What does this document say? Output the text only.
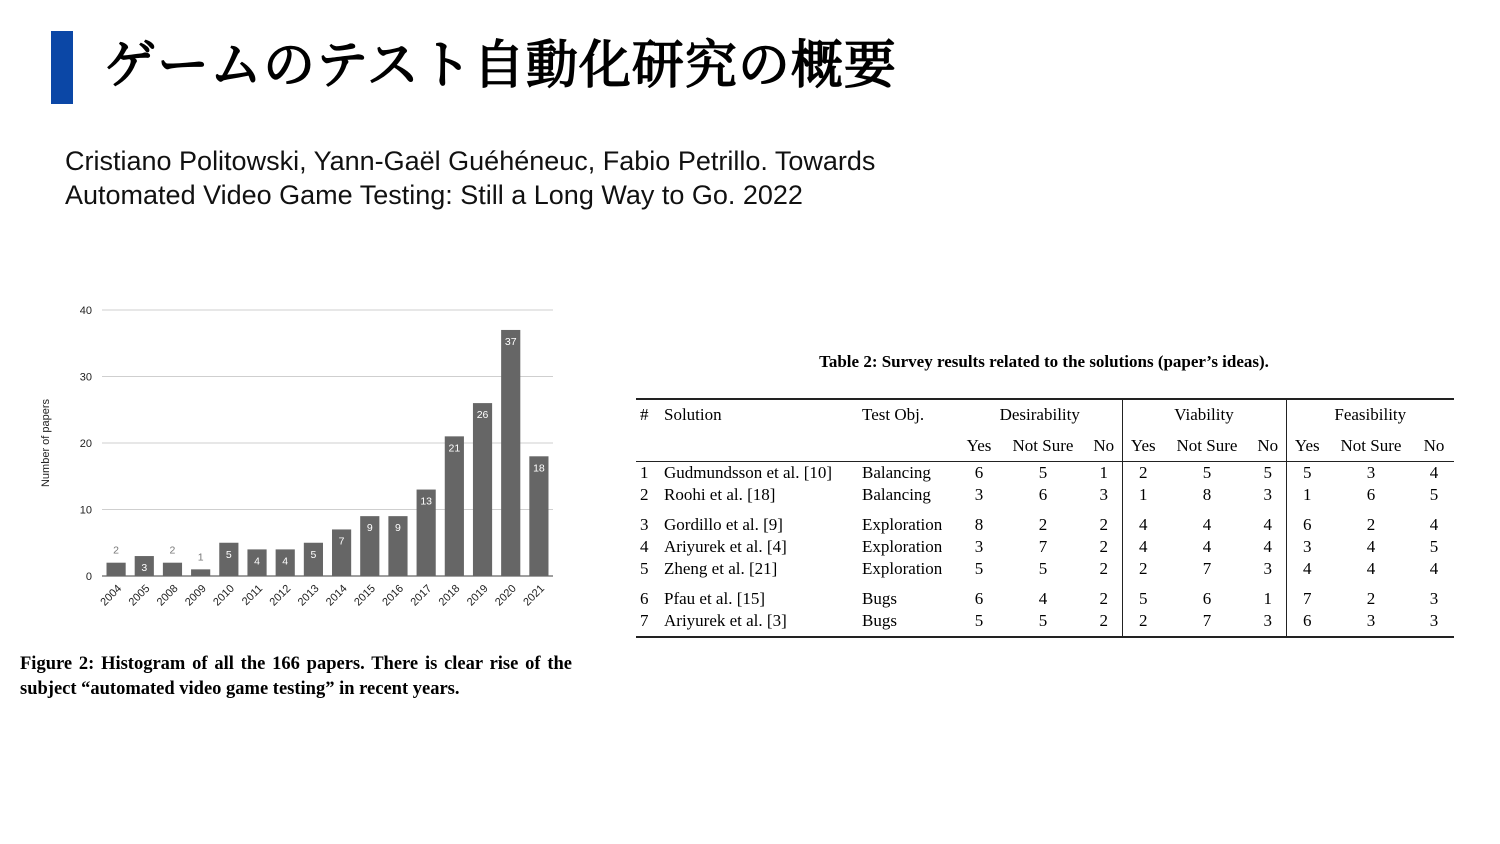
ゲームのテスト自動化研究の概要
Cristiano Politowski, Yann-Gaël Guéhéneuc, Fabio Petrillo. Towards
Automated Video Game Testing: Still a Long Way to Go. 2022
0
10
20
30
40
Number of papers
2
2004
3
2005
2
2008
1
2009
5
2010
4
2011
4
2012
5
2013
7
2014
9
2015
9
2016
13
2017
21
2018
26
2019
37
2020
18
2021
Figure 2: Histogram of all the 166 papers. There is clear rise of the subject “automated video game testing” in recent years.
Table 2: Survey results related to the solutions (paper’s ideas).
#	Solution	Test Obj.	Desirability			Viability			Feasibility		
			Yes	Not Sure	No	Yes	Not Sure	No	Yes	Not Sure	No
1	Gudmundsson et al. [10]	Balancing	6	5	1	2	5	5	5	3	4
2	Roohi et al. [18]	Balancing	3	6	3	1	8	3	1	6	5
3	Gordillo et al. [9]	Exploration	8	2	2	4	4	4	6	2	4
4	Ariyurek et al. [4]	Exploration	3	7	2	4	4	4	3	4	5
5	Zheng et al. [21]	Exploration	5	5	2	2	7	3	4	4	4
6	Pfau et al. [15]	Bugs	6	4	2	5	6	1	7	2	3
7	Ariyurek et al. [3]	Bugs	5	5	2	2	7	3	6	3	3
